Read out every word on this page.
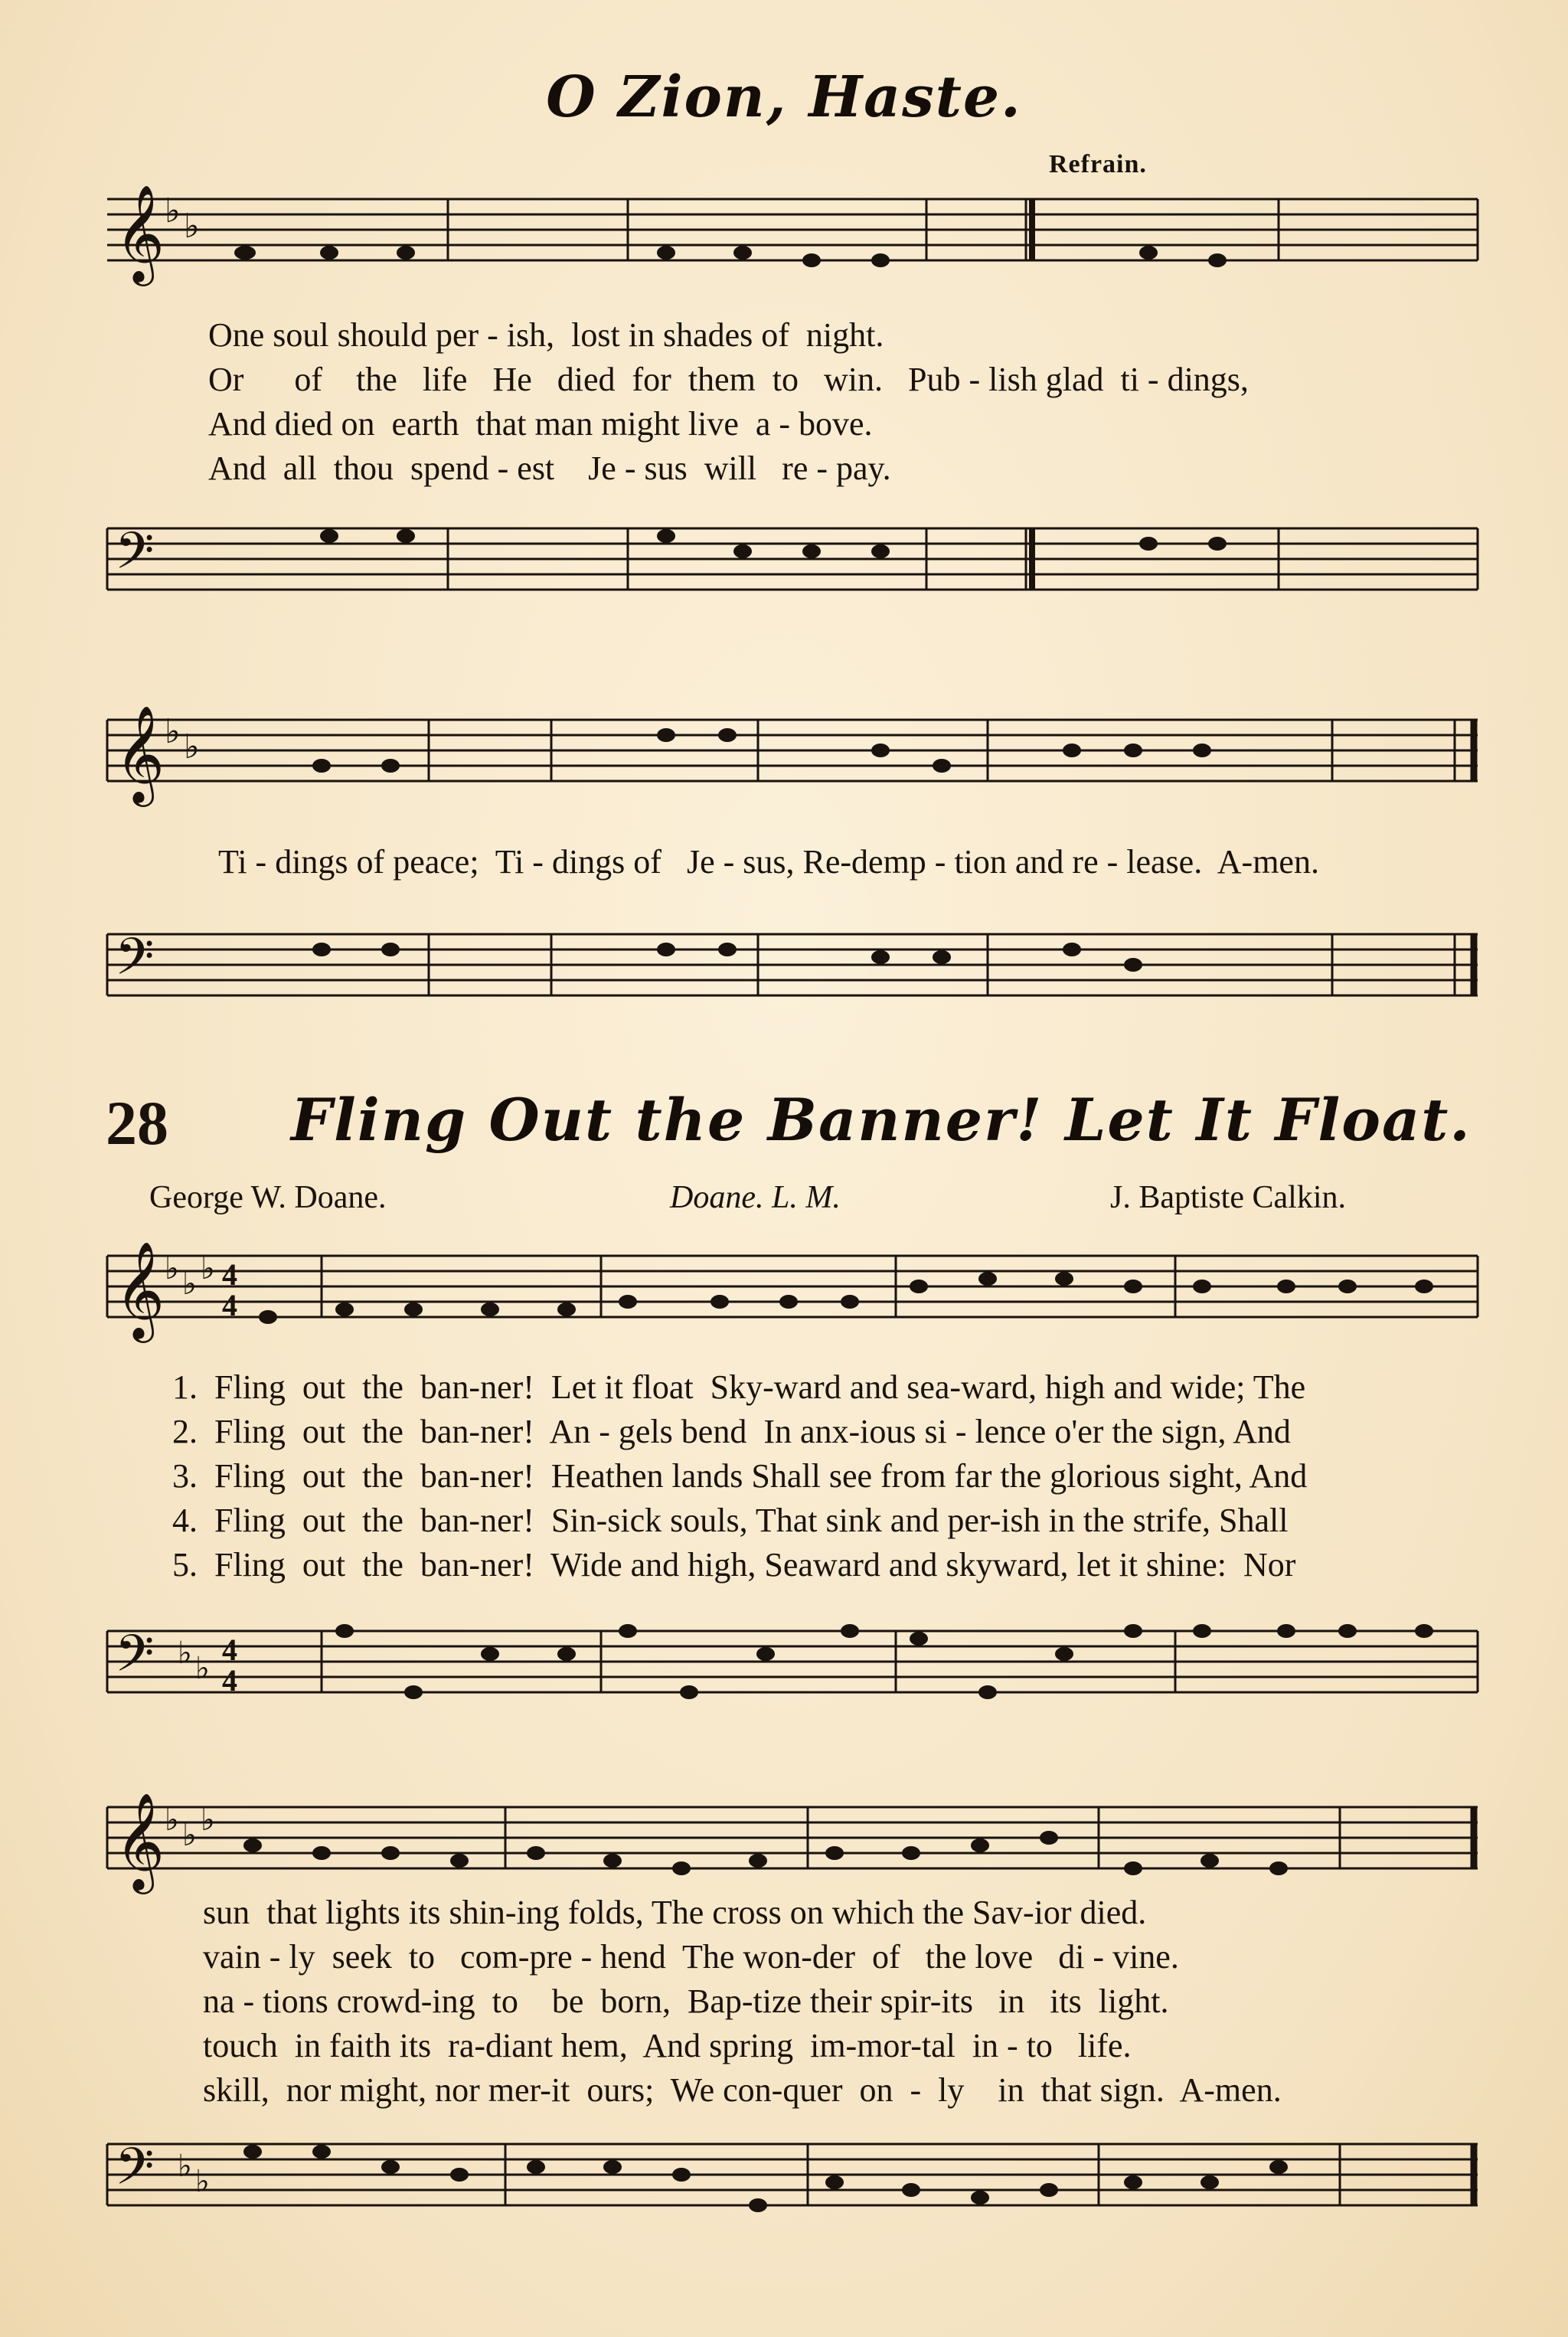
O Zion, Haste.
Refrain.
𝄞 ♭ ♭
One soul should per - ish,  lost in shades of  night.
Or      of    the   life   He   died  for  them  to   win.   Pub - lish glad  ti - dings,
And died on  earth  that man might live  a - bove.
And  all  thou  spend - est    Je - sus  will   re - pay.
𝄢
𝄞 ♭ ♭
Ti - dings of peace;  Ti - dings of   Je - sus, Re-demp - tion and re - lease.  A-men.
𝄢
28 Fling Out the Banner! Let It Float.
George W. Doane.	Doane. L. M.	J. Baptiste Calkin.
𝄞 ♭ ♭ ♭ 4
4
1.  Fling  out  the  ban-ner!  Let it float  Sky-ward and sea-ward, high and wide; The
2.  Fling  out  the  ban-ner!  An - gels bend  In anx-ious si - lence o'er the sign, And
3.  Fling  out  the  ban-ner!  Heathen lands Shall see from far the glorious sight, And
4.  Fling  out  the  ban-ner!  Sin-sick souls, That sink and per-ish in the strife, Shall
5.  Fling  out  the  ban-ner!  Wide and high, Seaward and skyward, let it shine:  Nor
𝄢 ♭ ♭
4
4
𝄞 ♭ ♭ ♭
sun  that lights its shin-ing folds, The cross on which the Sav-ior died.
vain - ly  seek  to   com-pre - hend  The won-der  of   the love   di - vine.
na - tions crowd-ing  to    be  born,  Bap-tize their spir-its   in   its  light.
touch  in faith its  ra-diant hem,  And spring  im-mor-tal  in - to   life.
skill,  nor might, nor mer-it  ours;  We con-quer  on  -  ly    in  that sign.  A-men.
𝄢 ♭ ♭
